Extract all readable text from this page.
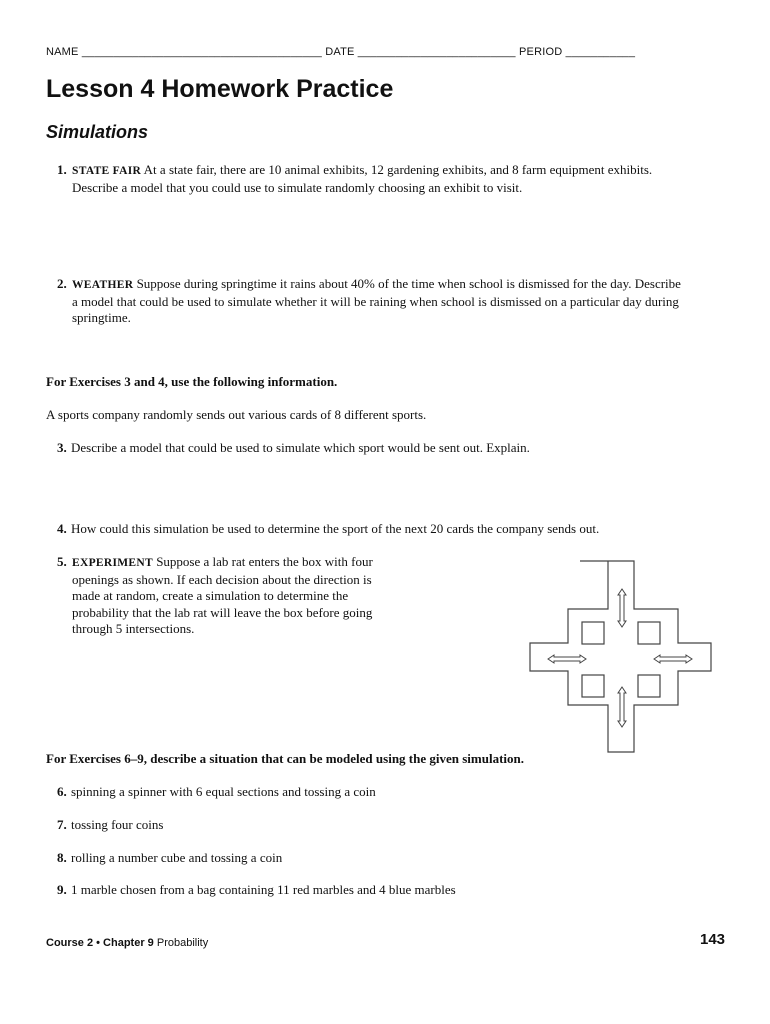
NAME ______________________________________ DATE _________________________ PERIOD ___________
Lesson 4 Homework Practice
Simulations
1. STATE FAIR At a state fair, there are 10 animal exhibits, 12 gardening exhibits, and 8 farm equipment exhibits.
Describe a model that you could use to simulate randomly choosing an exhibit to visit.
2. WEATHER Suppose during springtime it rains about 40% of the time when school is dismissed for the day. Describe
a model that could be used to simulate whether it will be raining when school is dismissed on a particular day during
springtime.
For Exercises 3 and 4, use the following information.
A sports company randomly sends out various cards of 8 different sports.
3. Describe a model that could be used to simulate which sport would be sent out. Explain.
4. How could this simulation be used to determine the sport of the next 20 cards the company sends out.
5. EXPERIMENT Suppose a lab rat enters the box with four
openings as shown. If each decision about the direction is
made at random, create a simulation to determine the
probability that the lab rat will leave the box before going
through 5 intersections.
For Exercises 6–9, describe a situation that can be modeled using the given simulation.
6. spinning a spinner with 6 equal sections and tossing a coin
7. tossing four coins
8. rolling a number cube and tossing a coin
9. 1 marble chosen from a bag containing 11 red marbles and 4 blue marbles
Course 2 • Chapter 9 Probability	143
